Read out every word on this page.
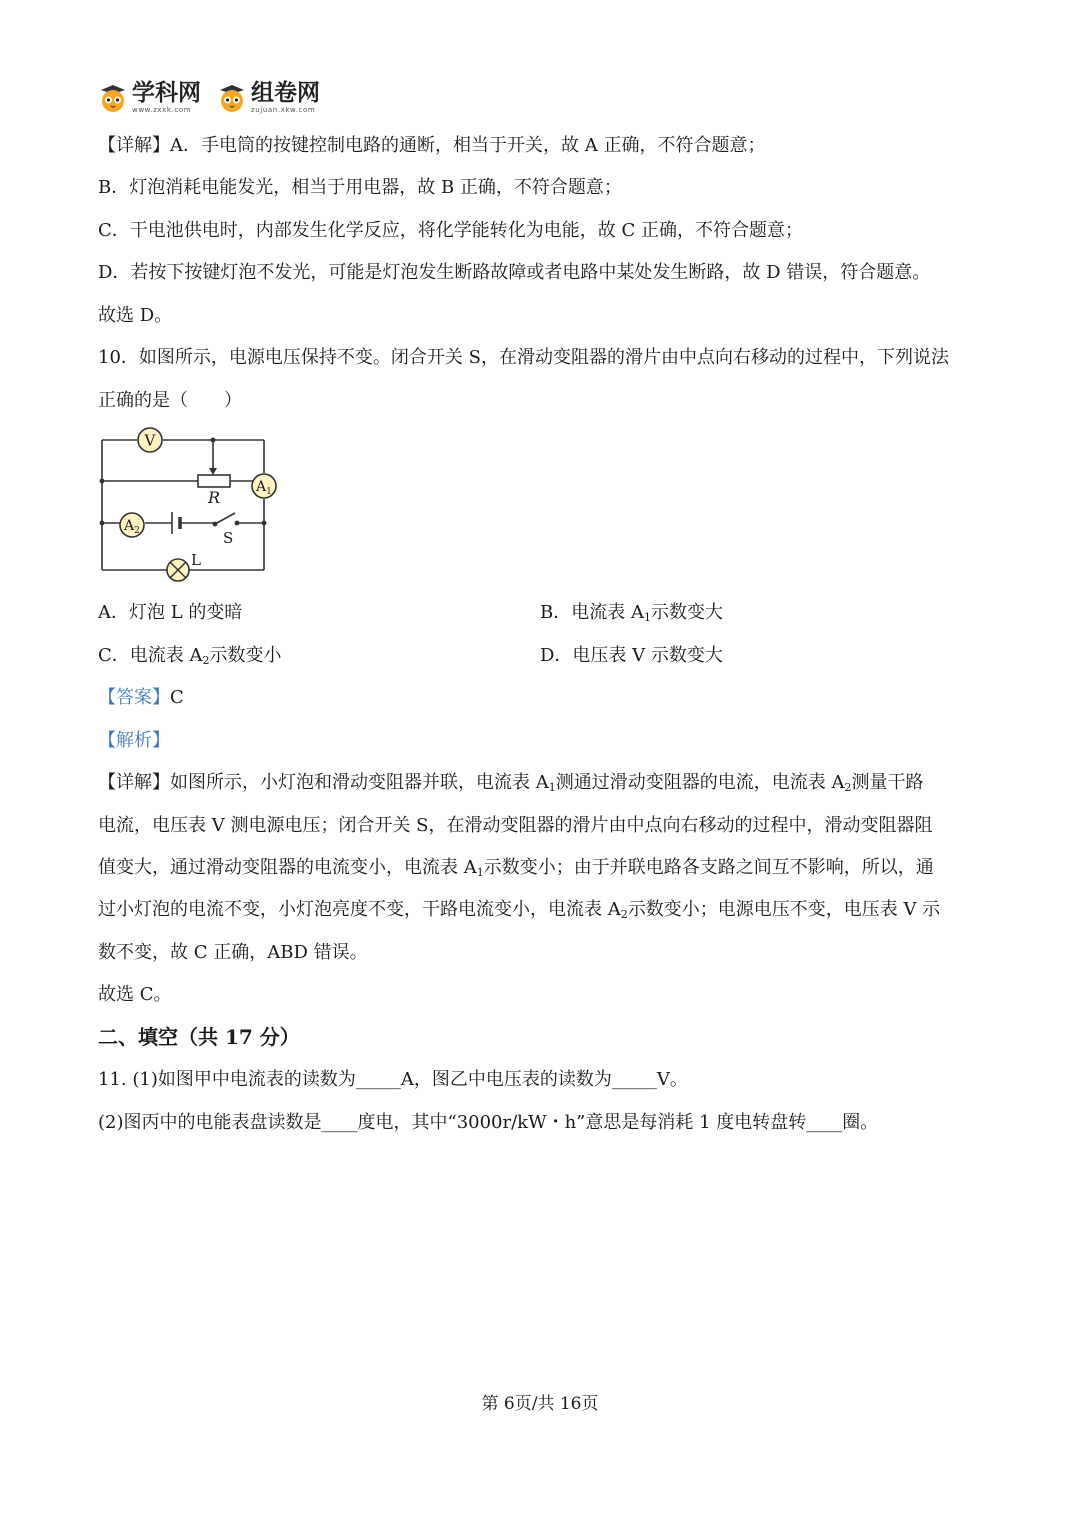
学科网
www.zxxk.com
组卷网
zujuan.xkw.com
【详解】A．手电筒的按键控制电路的通断，相当于开关，故 A 正确，不符合题意；
B．灯泡消耗电能发光，相当于用电器，故 B 正确，不符合题意；
C．干电池供电时，内部发生化学反应，将化学能转化为电能，故 C 正确，不符合题意；
D．若按下按键灯泡不发光，可能是灯泡发生断路故障或者电路中某处发生断路，故 D 错误，符合题意。
故选 D。
10．如图所示，电源电压保持不变。闭合开关 S，在滑动变阻器的滑片由中点向右移动的过程中，下列说法
正确的是（　　）
R
V
$A_1$
$A_2$	S
L
A．灯泡 L 的变暗	B．电流表 $A_1$示数变大
C．电流表 $A_2$示数变小	D．电压表 V 示数变大
【答案】C
【解析】
【详解】如图所示，小灯泡和滑动变阻器并联，电流表 $A_1$测通过滑动变阻器的电流，电流表 $A_2$测量干路
电流，电压表 V 测电源电压；闭合开关 S，在滑动变阻器的滑片由中点向右移动的过程中，滑动变阻器阻
值变大，通过滑动变阻器的电流变小，电流表 $A_1$示数变小；由于并联电路各支路之间互不影响，所以，通
过小灯泡的电流不变，小灯泡亮度不变，干路电流变小，电流表 $A_2$示数变小；电源电压不变，电压表 V 示
数不变，故 C 正确，ABD 错误。
故选 C。
二、填空（共 17 分）
11. (1)如图甲中电流表的读数为_____A，图乙中电压表的读数为_____V。
(2)图丙中的电能表盘读数是____度电，其中“3000r/kW・h”意思是每消耗 1 度电转盘转____圈。
第 6页/共 16页
